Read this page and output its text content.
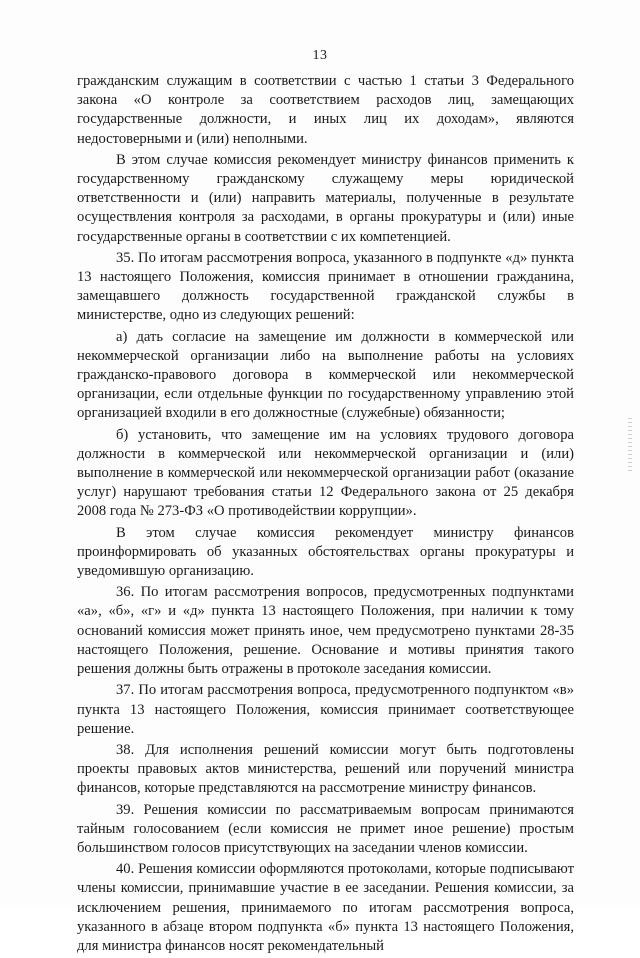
13

гражданским служащим в соответствии с частью 1 статьи 3 Федерального закона «О контроле за соответствием расходов лиц, замещающих государственные должности, и иных лиц их доходам», являются недостоверными и (или) неполными.

В этом случае комиссия рекомендует министру финансов применить к государственному гражданскому служащему меры юридической ответственности и (или) направить материалы, полученные в результате осуществления контроля за расходами, в органы прокуратуры и (или) иные государственные органы в соответствии с их компетенцией.

35. По итогам рассмотрения вопроса, указанного в подпункте «д» пункта 13 настоящего Положения, комиссия принимает в отношении гражданина, замещавшего должность государственной гражданской службы в министерстве, одно из следующих решений:

а) дать согласие на замещение им должности в коммерческой или некоммерческой организации либо на выполнение работы на условиях гражданско-правового договора в коммерческой или некоммерческой организации, если отдельные функции по государственному управлению этой организацией входили в его должностные (служебные) обязанности;

б) установить, что замещение им на условиях трудового договора должности в коммерческой или некоммерческой организации и (или) выполнение в коммерческой или некоммерческой организации работ (оказание услуг) нарушают требования статьи 12 Федерального закона от 25 декабря 2008 года № 273-ФЗ «О противодействии коррупции».

В этом случае комиссия рекомендует министру финансов проинформировать об указанных обстоятельствах органы прокуратуры и уведомившую организацию.

36. По итогам рассмотрения вопросов, предусмотренных подпунктами «а», «б», «г» и «д» пункта 13 настоящего Положения, при наличии к тому оснований комиссия может принять иное, чем предусмотрено пунктами 28-35 настоящего Положения, решение. Основание и мотивы принятия такого решения должны быть отражены в протоколе заседания комиссии.

37. По итогам рассмотрения вопроса, предусмотренного подпунктом «в» пункта 13 настоящего Положения, комиссия принимает соответствующее решение.

38. Для исполнения решений комиссии могут быть подготовлены проекты правовых актов министерства, решений или поручений министра финансов, которые представляются на рассмотрение министру финансов.

39. Решения комиссии по рассматриваемым вопросам принимаются тайным голосованием (если комиссия не примет иное решение) простым большинством голосов присутствующих на заседании членов комиссии.

40. Решения комиссии оформляются протоколами, которые подписывают члены комиссии, принимавшие участие в ее заседании. Решения комиссии, за исключением решения, принимаемого по итогам рассмотрения вопроса, указанного в абзаце втором подпункта «б» пункта 13 настоящего Положения, для министра финансов носят рекомендательный
